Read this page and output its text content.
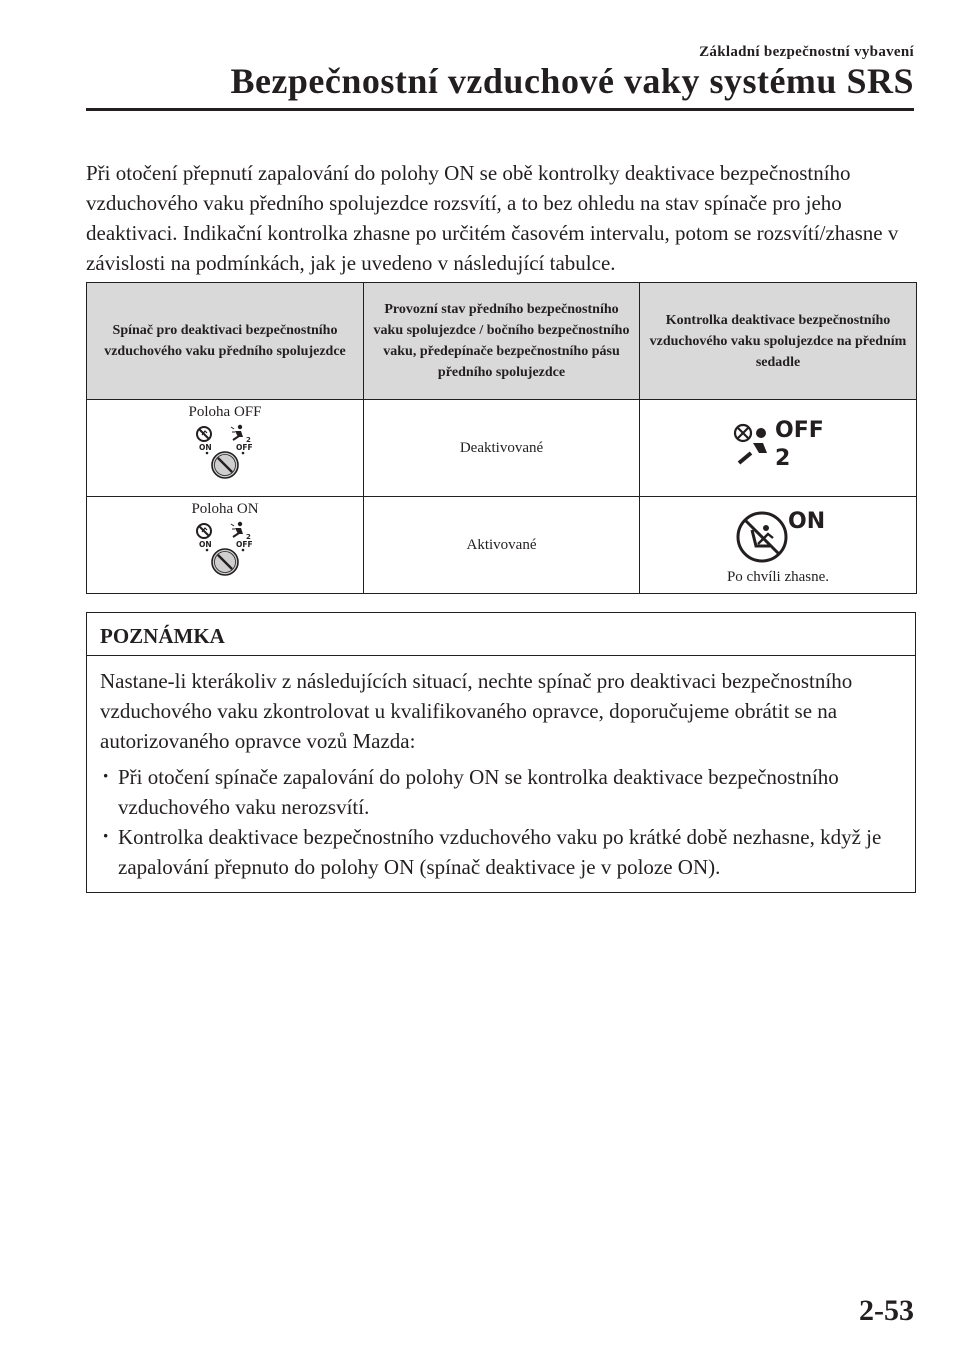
Základní bezpečnostní vybavení
Bezpečnostní vzduchové vaky systému SRS

Při otočení přepnutí zapalování do polohy ON se obě kontrolky deaktivace bezpečnostního vzduchového vaku předního spolujezdce rozsvítí, a to bez ohledu na stav spínače pro jeho deaktivaci. Indikační kontrolka zhasne po určitém časovém intervalu, potom se rozsvítí/zhasne v závislosti na podmínkách, jak je uvedeno v následující tabulce.

Spínač pro deaktivaci bezpečnostního vzduchového vaku předního spolujezdce	Provozní stav předního bezpečnostního vaku spolujezdce / bočního bezpečnostního vaku, předepínače bezpečnostního pásu předního spolujezdce	Kontrolka deaktivace bezpečnostního vzduchového vaku spolujezdce na předním sedadle

Poloha OFF
2
ON OFF	Deaktivované	OFF
2

Poloha ON
2
ON OFF	Aktivované	ON
Po chvíli zhasne.
POZNÁMKA

Nastane-li kterákoliv z následujících situací, nechte spínač pro deaktivaci bezpečnostního vzduchového vaku zkontrolovat u kvalifikovaného opravce, doporučujeme obrátit se na autorizovaného opravce vozů Mazda:

· Při otočení spínače zapalování do polohy ON se kontrolka deaktivace bezpečnostního vzduchového vaku nerozsvítí.
· Kontrolka deaktivace bezpečnostního vzduchového vaku po krátké době nezhasne, když je zapalování přepnuto do polohy ON (spínač deaktivace je v poloze ON).
2-53
